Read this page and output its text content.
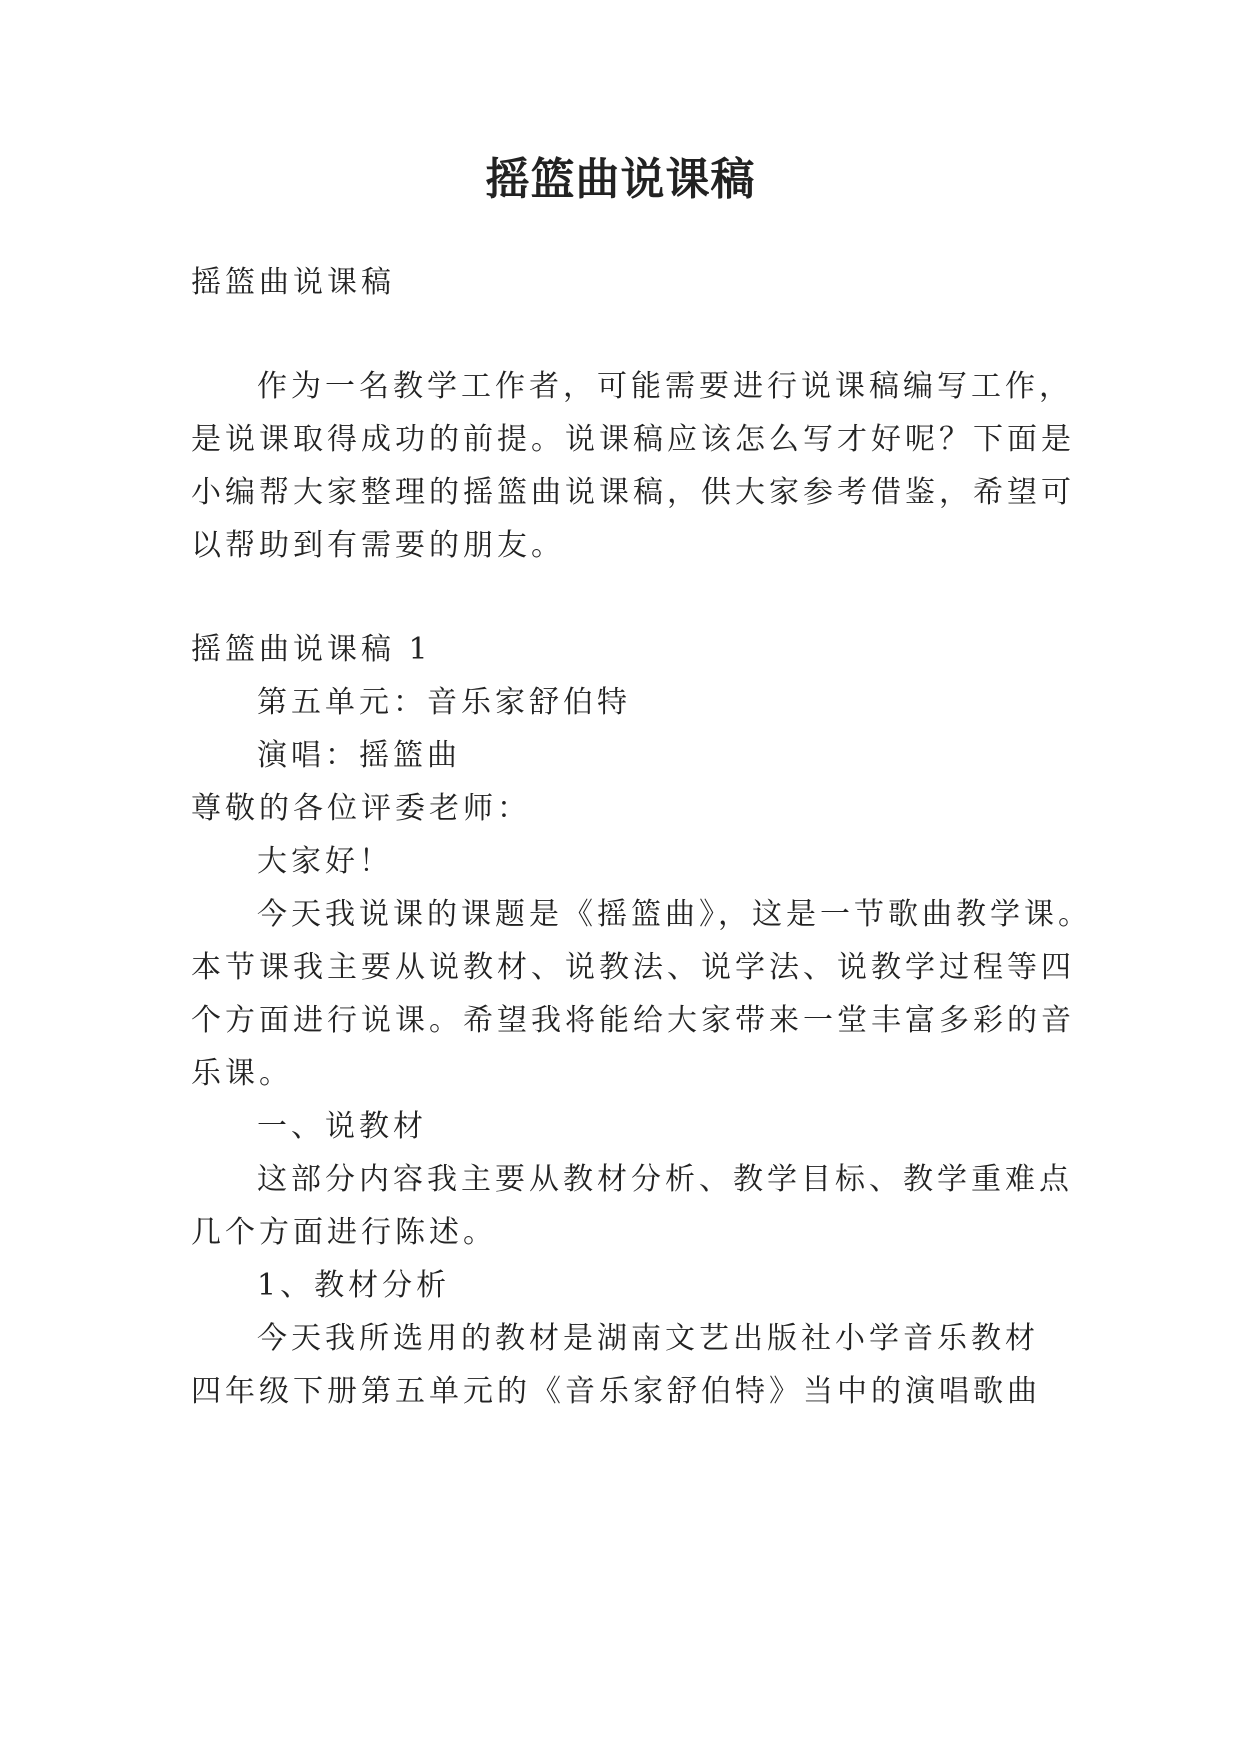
摇篮曲说课稿
摇篮曲说课稿
作为一名教学工作者，可能需要进行说课稿编写工作，
是说课取得成功的前提。说课稿应该怎么写才好呢？下面是
小编帮大家整理的摇篮曲说课稿，供大家参考借鉴，希望可
以帮助到有需要的朋友。
摇篮曲说课稿 1
第五单元：音乐家舒伯特
演唱：摇篮曲
尊敬的各位评委老师：
大家好！
今天我说课的课题是《摇篮曲》，这是一节歌曲教学课。
本节课我主要从说教材、说教法、说学法、说教学过程等四
个方面进行说课。希望我将能给大家带来一堂丰富多彩的音
乐课。
一、说教材
这部分内容我主要从教材分析、教学目标、教学重难点
几个方面进行陈述。
1、教材分析
今天我所选用的教材是湖南文艺出版社小学音乐教材
四年级下册第五单元的《音乐家舒伯特》当中的演唱歌曲
